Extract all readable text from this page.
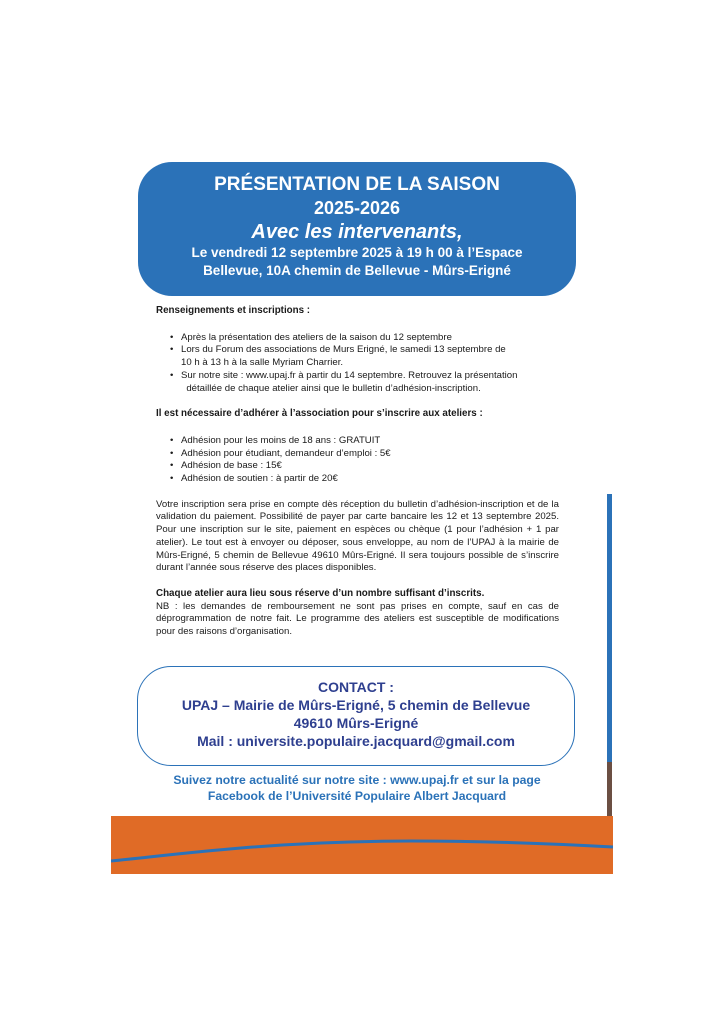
PRÉSENTATION DE LA SAISON
2025-2026
Avec les intervenants,
Le vendredi 12 septembre 2025 à 19 h 00 à l’Espace
Bellevue, 10A chemin de Bellevue - Mûrs-Erigné
Renseignements et inscriptions :
• Après la présentation des ateliers de la saison du 12 septembre
• Lors du Forum des associations de Murs Erigné, le samedi 13 septembre de
10 h à 13 h à la salle Myriam Charrier.
• Sur notre site : www.upaj.fr à partir du 14 septembre. Retrouvez la présentation
détaillée de chaque atelier ainsi que le bulletin d’adhésion-inscription.
Il est nécessaire d’adhérer à l’association pour s’inscrire aux ateliers :
• Adhésion pour les moins de 18 ans : GRATUIT
• Adhésion pour étudiant, demandeur d’emploi : 5€
• Adhésion de base : 15€
• Adhésion de soutien : à partir de 20€

Votre inscription sera prise en compte dès réception du bulletin d’adhésion-inscription et de la validation du paiement. Possibilité de payer par carte bancaire les 12 et 13 septembre 2025. Pour une inscription sur le site, paiement en espèces ou chèque (1 pour l’adhésion + 1 par atelier). Le tout est à envoyer ou déposer, sous enveloppe, au nom de l’UPAJ à la mairie de Mûrs-Erigné, 5 chemin de Bellevue 49610 Mûrs-Erigné. Il sera toujours possible de s’inscrire durant l’année sous réserve des places disponibles.

Chaque atelier aura lieu sous réserve d’un nombre suffisant d’inscrits.

NB : les demandes de remboursement ne sont pas prises en compte, sauf en cas de déprogrammation de notre fait. Le programme des ateliers est susceptible de modifications pour des raisons d’organisation.

CONTACT :
UPAJ – Mairie de Mûrs-Erigné, 5 chemin de Bellevue
49610 Mûrs-Erigné
Mail : universite.populaire.jacquard@gmail.com
Suivez notre actualité sur notre site : www.upaj.fr et sur la page
Facebook de l’Université Populaire Albert Jacquard
